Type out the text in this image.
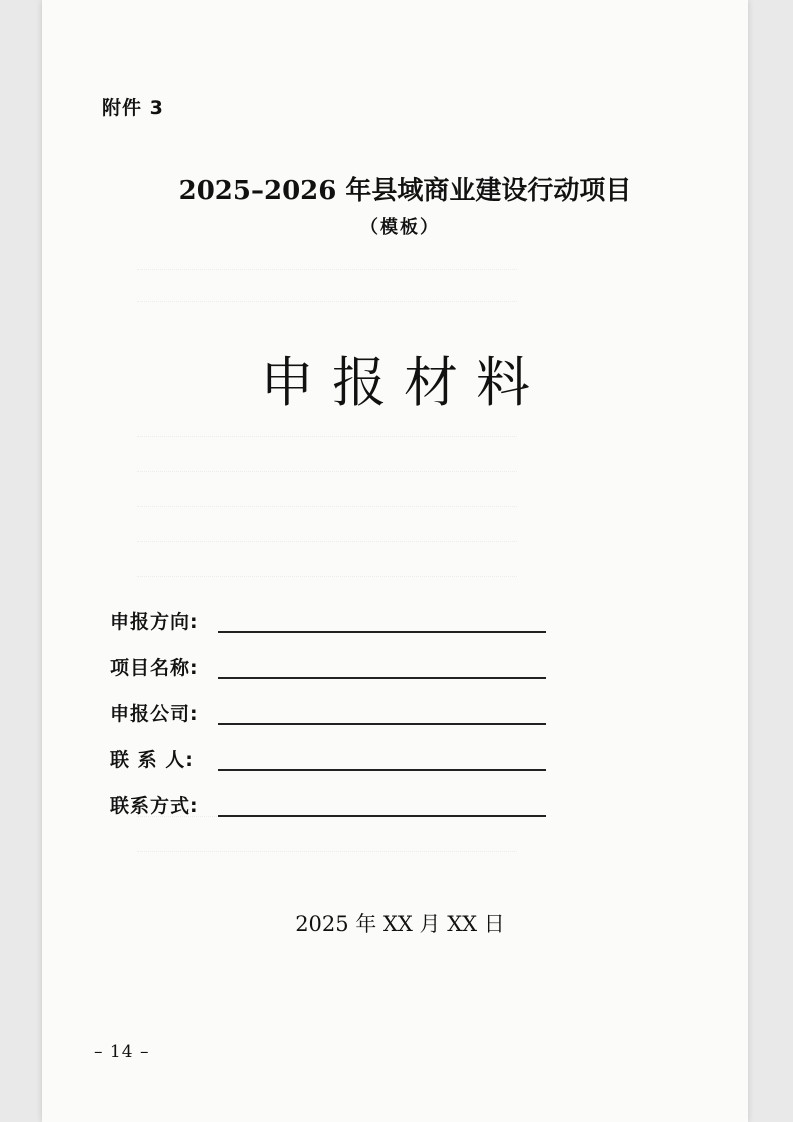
附件 3
2025–2026 年县域商业建设行动项目
（模板）
申报材料
申报方向:
项目名称:
申报公司:
联 系 人:
联系方式:
2025 年 XX 月 XX 日
– 14 –
